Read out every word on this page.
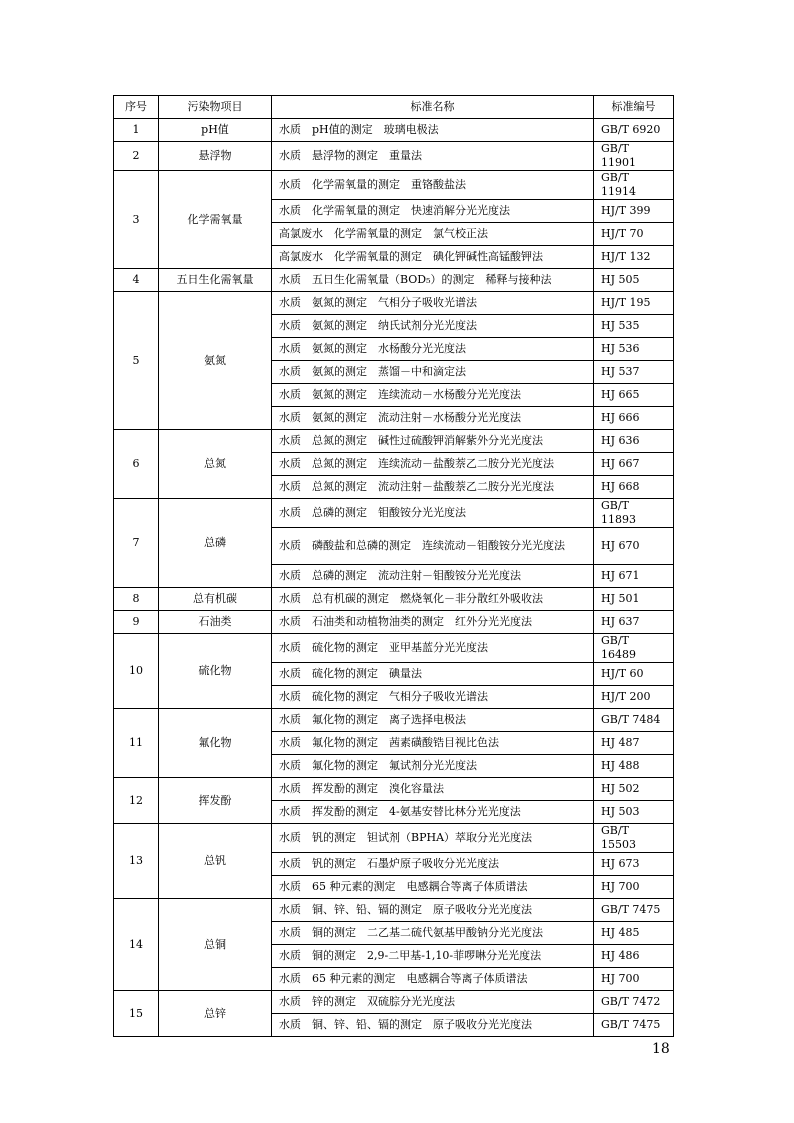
序号	污染物项目	标准名称	标准编号
1	pH值	水质　pH值的测定　玻璃电极法	GB/T 6920
2	悬浮物	水质　悬浮物的测定　重量法	GB/T 11901
3	化学需氧量	水质　化学需氧量的测定　重铬酸盐法	GB/T 11914
		水质　化学需氧量的测定　快速消解分光光度法	HJ/T 399
		高氯废水　化学需氧量的测定　氯气校正法	HJ/T 70
		高氯废水　化学需氧量的测定　碘化钾碱性高锰酸钾法	HJ/T 132
4	五日生化需氧量	水质　五日生化需氧量（BOD₅）的测定　稀释与接种法	HJ 505
5	氨氮	水质　氨氮的测定　气相分子吸收光谱法	HJ/T 195
		水质　氨氮的测定　纳氏试剂分光光度法	HJ 535
		水质　氨氮的测定　水杨酸分光光度法	HJ 536
		水质　氨氮的测定　蒸馏－中和滴定法	HJ 537
		水质　氨氮的测定　连续流动－水杨酸分光光度法	HJ 665
		水质　氨氮的测定　流动注射－水杨酸分光光度法	HJ 666
6	总氮	水质　总氮的测定　碱性过硫酸钾消解紫外分光光度法	HJ 636
		水质　总氮的测定　连续流动－盐酸萘乙二胺分光光度法	HJ 667
		水质　总氮的测定　流动注射－盐酸萘乙二胺分光光度法	HJ 668
7	总磷	水质　总磷的测定　钼酸铵分光光度法	GB/T 11893
		水质　磷酸盐和总磷的测定　连续流动－钼酸铵分光光度法	HJ 670
		水质　总磷的测定　流动注射－钼酸铵分光光度法	HJ 671
8	总有机碳	水质　总有机碳的测定　燃烧氧化－非分散红外吸收法	HJ 501
9	石油类	水质　石油类和动植物油类的测定　红外分光光度法	HJ 637
10	硫化物	水质　硫化物的测定　亚甲基蓝分光光度法	GB/T 16489
		水质　硫化物的测定　碘量法	HJ/T 60
		水质　硫化物的测定　气相分子吸收光谱法	HJ/T 200
11	氟化物	水质　氟化物的测定　离子选择电极法	GB/T 7484
		水质　氟化物的测定　茜素磺酸锆目视比色法	HJ 487
		水质　氟化物的测定　氟试剂分光光度法	HJ 488
12	挥发酚	水质　挥发酚的测定　溴化容量法	HJ 502
		水质　挥发酚的测定　4-氨基安替比林分光光度法	HJ 503
13	总钒	水质　钒的测定　钽试剂（BPHA）萃取分光光度法	GB/T 15503
		水质　钒的测定　石墨炉原子吸收分光光度法	HJ 673
		水质　65 种元素的测定　电感耦合等离子体质谱法	HJ 700
14	总铜	水质　铜、锌、铅、镉的测定　原子吸收分光光度法	GB/T 7475
		水质　铜的测定　二乙基二硫代氨基甲酸钠分光光度法	HJ 485
		水质　铜的测定　2,9-二甲基-1,10-菲啰啉分光光度法	HJ 486
		水质　65 种元素的测定　电感耦合等离子体质谱法	HJ 700
15	总锌	水质　锌的测定　双硫腙分光光度法	GB/T 7472
		水质　铜、锌、铅、镉的测定　原子吸收分光光度法	GB/T 7475
18
